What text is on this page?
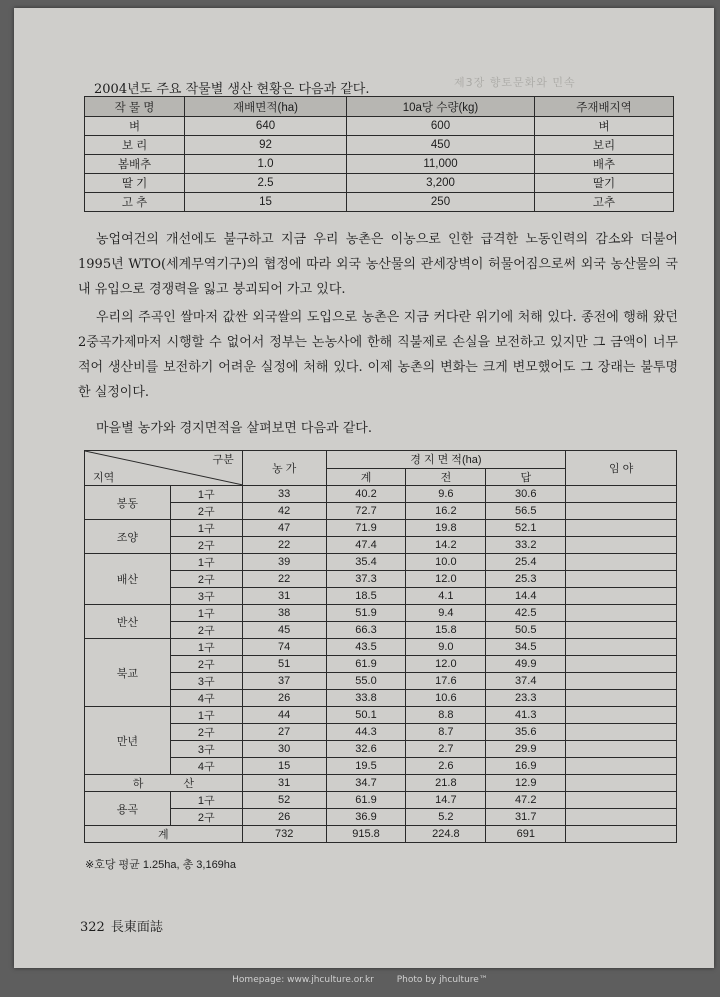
제3장 향토문화와 민속
2004년도 주요 작물별 생산 현황은 다음과 같다.
작 물 명	재배면적(ha)	10a당 수량(kg)	주재배지역
벼	640	600	벼
보 리	92	450	보리
봄배추	1.0	11,000	배추
딸 기	2.5	3,200	딸기
고 추	15	250	고추

농업여건의 개선에도 불구하고 지금 우리 농촌은 이농으로 인한 급격한 노동인력의 감소와 더불어 1995년 WTO(세계무역기구)의 협정에 따라 외국 농산물의 관세장벽이 허물어짐으로써 외국 농산물의 국내 유입으로 경쟁력을 잃고 붕괴되어 가고 있다.

우리의 주곡인 쌀마저 값싼 외국쌀의 도입으로 농촌은 지금 커다란 위기에 처해 있다. 종전에 행해 왔던 2중곡가제마저 시행할 수 없어서 정부는 논농사에 한해 직불제로 손실을 보전하고 있지만 그 금액이 너무 적어 생산비를 보전하기 어려운 실정에 처해 있다. 이제 농촌의 변화는 크게 변모했어도 그 장래는 불투명한 실정이다.

마을별 농가와 경지면적을 살펴보면 다음과 같다.

구분
지역		농 가	경 지 면 적(ha)			임 야
			계	전	답	
봉동	1구	33	40.2	9.6	30.6	
	2구	42	72.7	16.2	56.5	
조양	1구	47	71.9	19.8	52.1	
	2구	22	47.4	14.2	33.2	
배산	1구	39	35.4	10.0	25.4	
	2구	22	37.3	12.0	25.3	
	3구	31	18.5	4.1	14.4	
반산	1구	38	51.9	9.4	42.5	
	2구	45	66.3	15.8	50.5	
북교	1구	74	43.5	9.0	34.5	
	2구	51	61.9	12.0	49.9	
	3구	37	55.0	17.6	37.4	
	4구	26	33.8	10.6	23.3	
만년	1구	44	50.1	8.8	41.3	
	2구	27	44.3	8.7	35.6	
	3구	30	32.6	2.7	29.9	
	4구	15	19.5	2.6	16.9	
하 산		31	34.7	21.8	12.9	
용곡	1구	52	61.9	14.7	47.2	
	2구	26	36.9	5.2	31.7	
계		732	915.8	224.8	691	
※호당 평균 1.25ha, 총 3,169ha
322 長東面誌
Homepage: www.jhculture.or.kr	Photo by jhculture™
